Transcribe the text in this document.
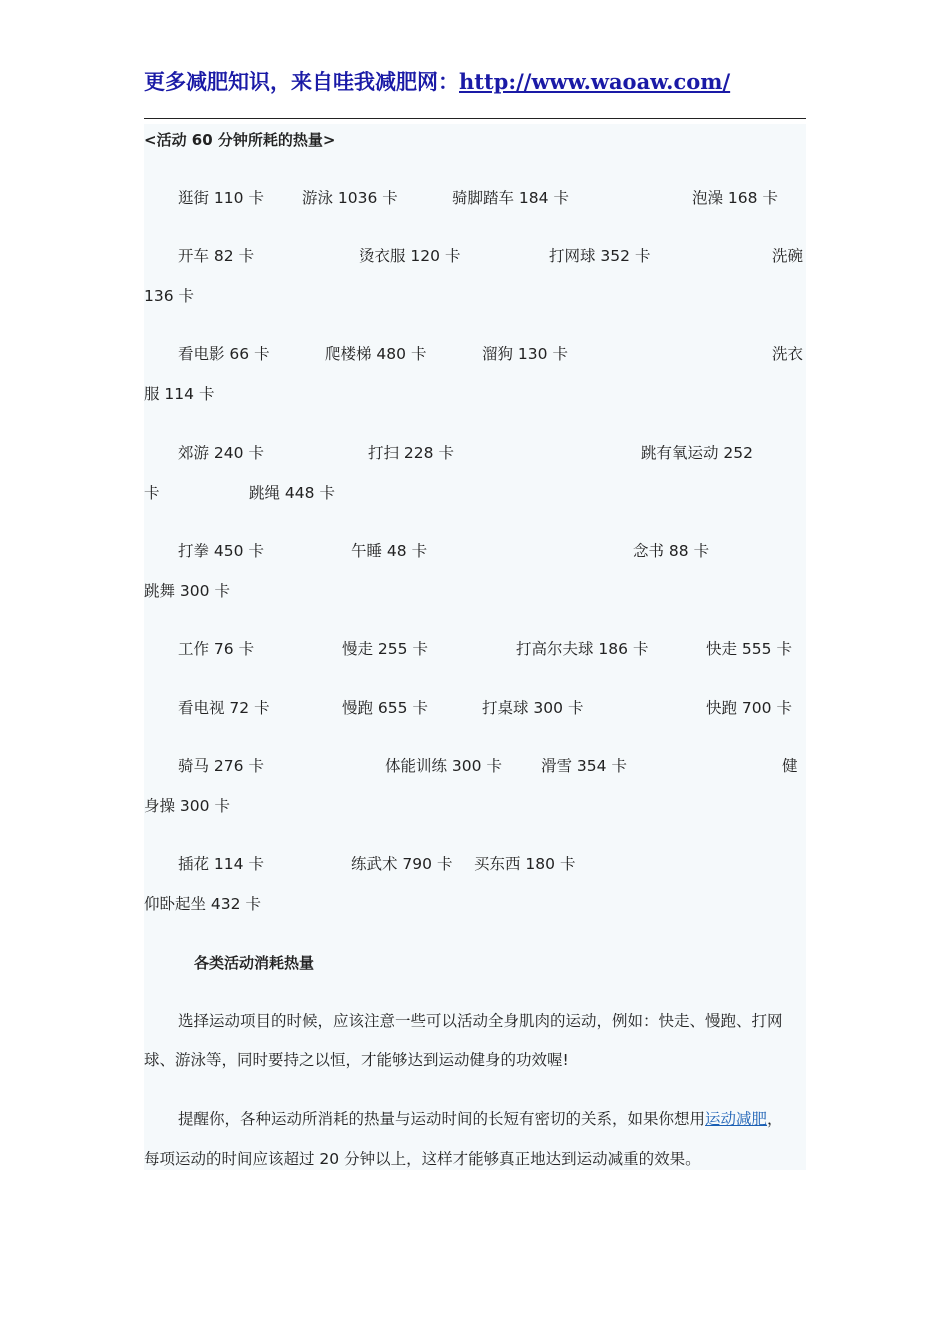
更多减肥知识，来自哇我减肥网：http://www.waoaw.com/
<活动 60 分钟所耗的热量>
逛街 110 卡 游泳 1036 卡	骑脚踏车 184 卡	泡澡 168 卡
开车 82 卡	烫衣服 120 卡	打网球 352 卡	洗碗
136 卡
看电影 66 卡	爬楼梯 480 卡	溜狗 130 卡	洗衣
服 114 卡
郊游 240 卡	打扫 228 卡	跳有氧运动 252
卡	跳绳 448 卡
打拳 450 卡	午睡 48 卡	念书 88 卡
跳舞 300 卡
工作 76 卡	慢走 255 卡	打高尔夫球 186 卡	快走 555 卡
看电视 72 卡	慢跑 655 卡	打桌球 300 卡	快跑 700 卡
骑马 276 卡	体能训练 300 卡	滑雪 354 卡	健
身操 300 卡
插花 114 卡	练武术 790 卡 买东西 180 卡
仰卧起坐 432 卡
各类活动消耗热量
选择运动项目的时候，应该注意一些可以活动全身肌肉的运动，例如：快走、慢跑、打网
球、游泳等，同时要持之以恒，才能够达到运动健身的功效喔!
提醒你，各种运动所消耗的热量与运动时间的长短有密切的关系，如果你想用运动减肥，
每项运动的时间应该超过 20 分钟以上，这样才能够真正地达到运动减重的效果。
